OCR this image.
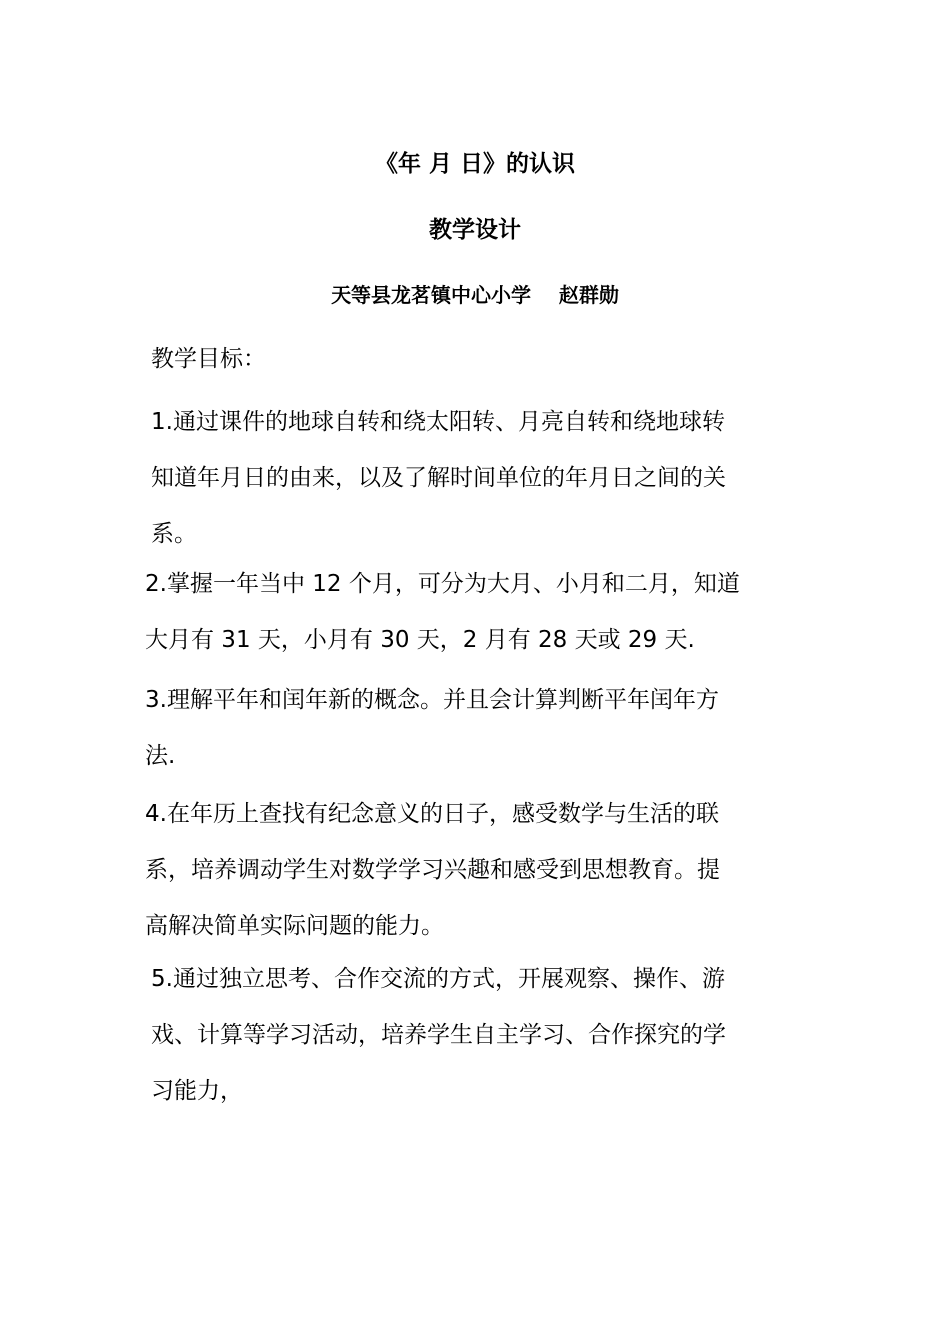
《年 月 日》的认识
教学设计
天等县龙茗镇中心小学    赵群勋
教学目标：
1.通过课件的地球自转和绕太阳转、月亮自转和绕地球转
知道年月日的由来，以及了解时间单位的年月日之间的关
系。
2.掌握一年当中 12 个月，可分为大月、小月和二月，知道
大月有 31 天，小月有 30 天，2 月有 28 天或 29 天.
3.理解平年和闰年新的概念。并且会计算判断平年闰年方
法.
4.在年历上查找有纪念意义的日子，感受数学与生活的联
系，培养调动学生对数学学习兴趣和感受到思想教育。提
高解决简单实际问题的能力。
5.通过独立思考、合作交流的方式，开展观察、操作、游
戏、计算等学习活动，培养学生自主学习、合作探究的学
习能力，
